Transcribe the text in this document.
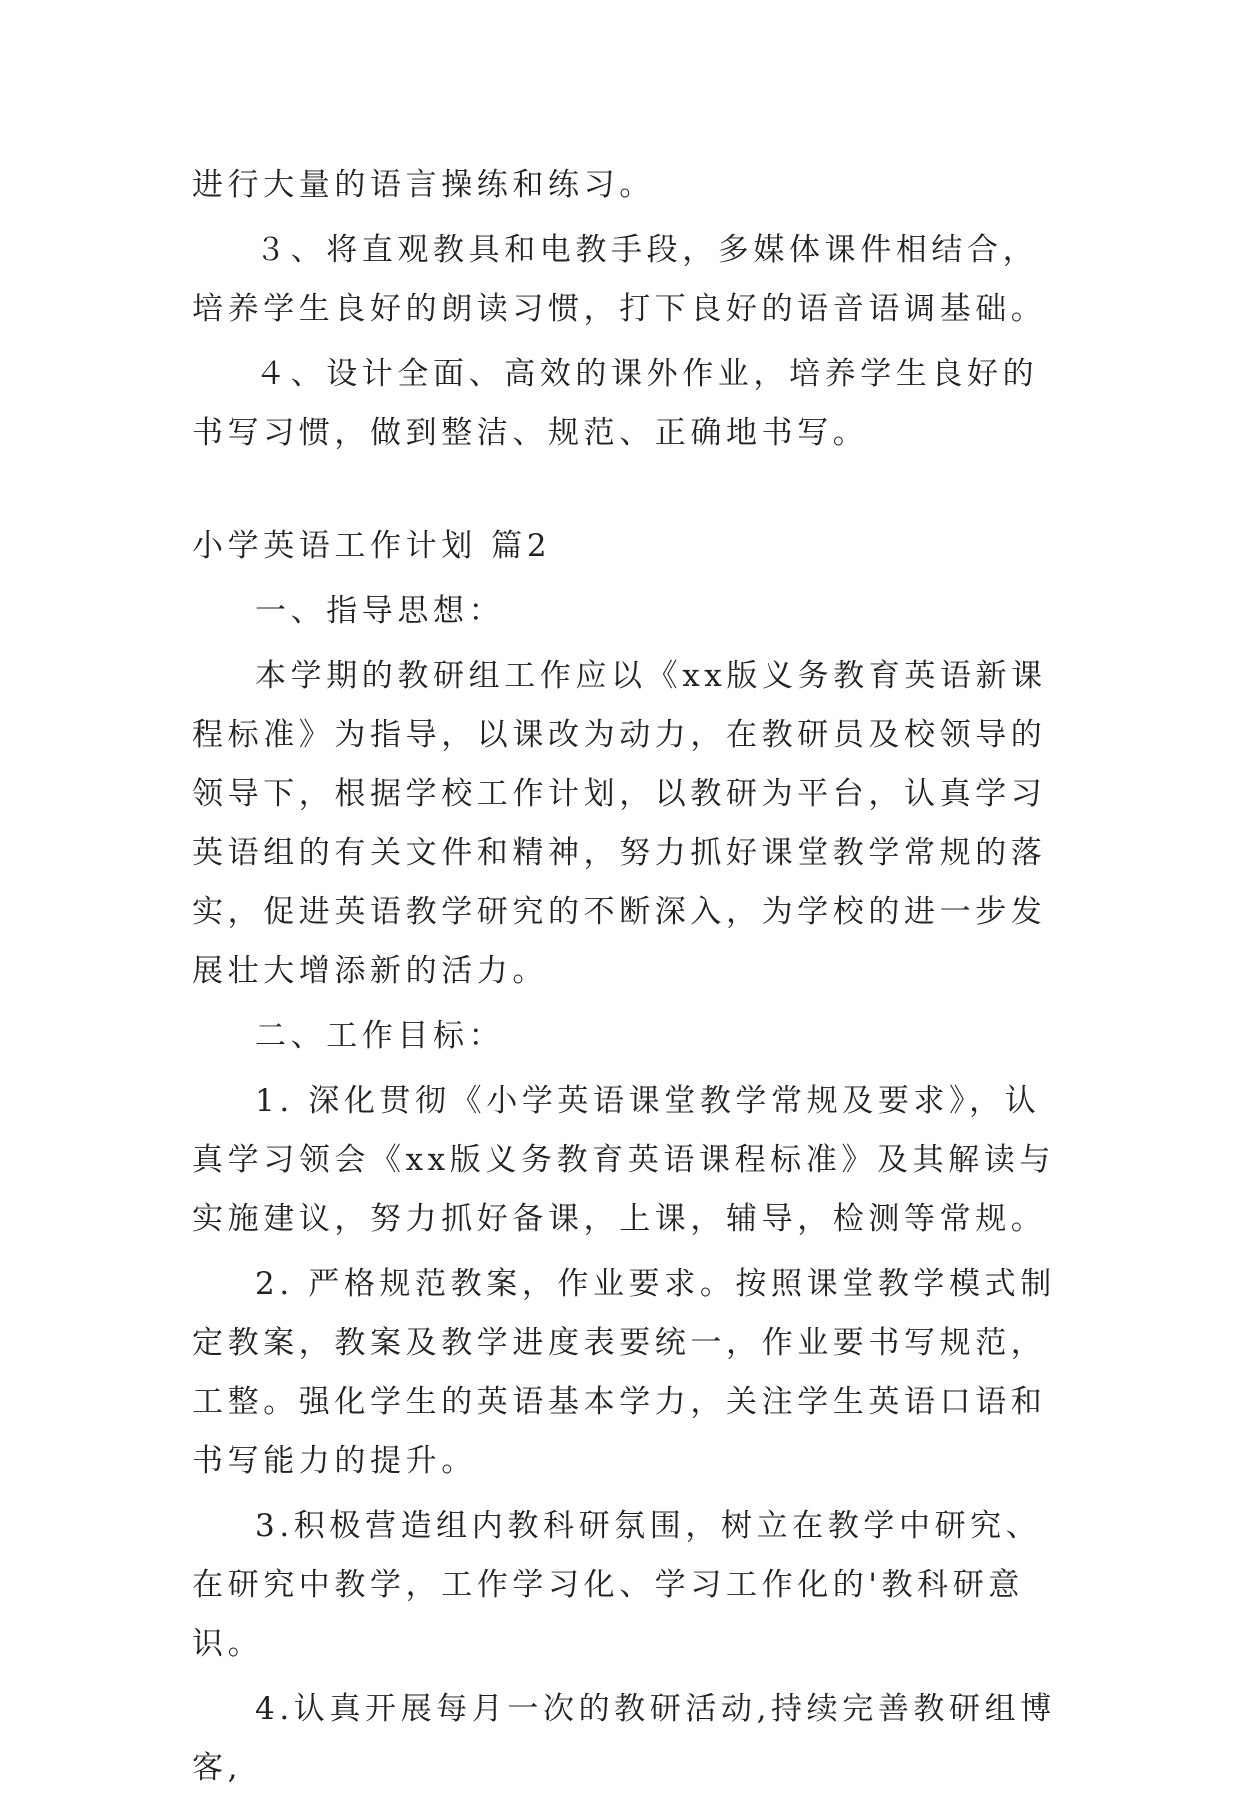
进行大量的语言操练和练习。

３、将直观教具和电教手段，多媒体课件相结合，培养学生良好的朗读习惯，打下良好的语音语调基础。

４、设计全面、高效的课外作业，培养学生良好的书写习惯，做到整洁、规范、正确地书写。

小学英语工作计划 篇2

一、指导思想：

本学期的教研组工作应以《xx版义务教育英语新课程标准》为指导，以课改为动力，在教研员及校领导的领导下，根据学校工作计划，以教研为平台，认真学习英语组的有关文件和精神，努力抓好课堂教学常规的落实，促进英语教学研究的不断深入，为学校的进一步发展壮大增添新的活力。

二、工作目标：

1. 深化贯彻《小学英语课堂教学常规及要求》，认真学习领会《xx版义务教育英语课程标准》及其解读与实施建议，努力抓好备课，上课，辅导，检测等常规。

2. 严格规范教案，作业要求。按照课堂教学模式制定教案，教案及教学进度表要统一，作业要书写规范，工整。强化学生的英语基本学力，关注学生英语口语和书写能力的提升。

3.积极营造组内教科研氛围，树立在教学中研究、在研究中教学，工作学习化、学习工作化的'教科研意识。

4.认真开展每月一次的教研活动,持续完善教研组博客,
